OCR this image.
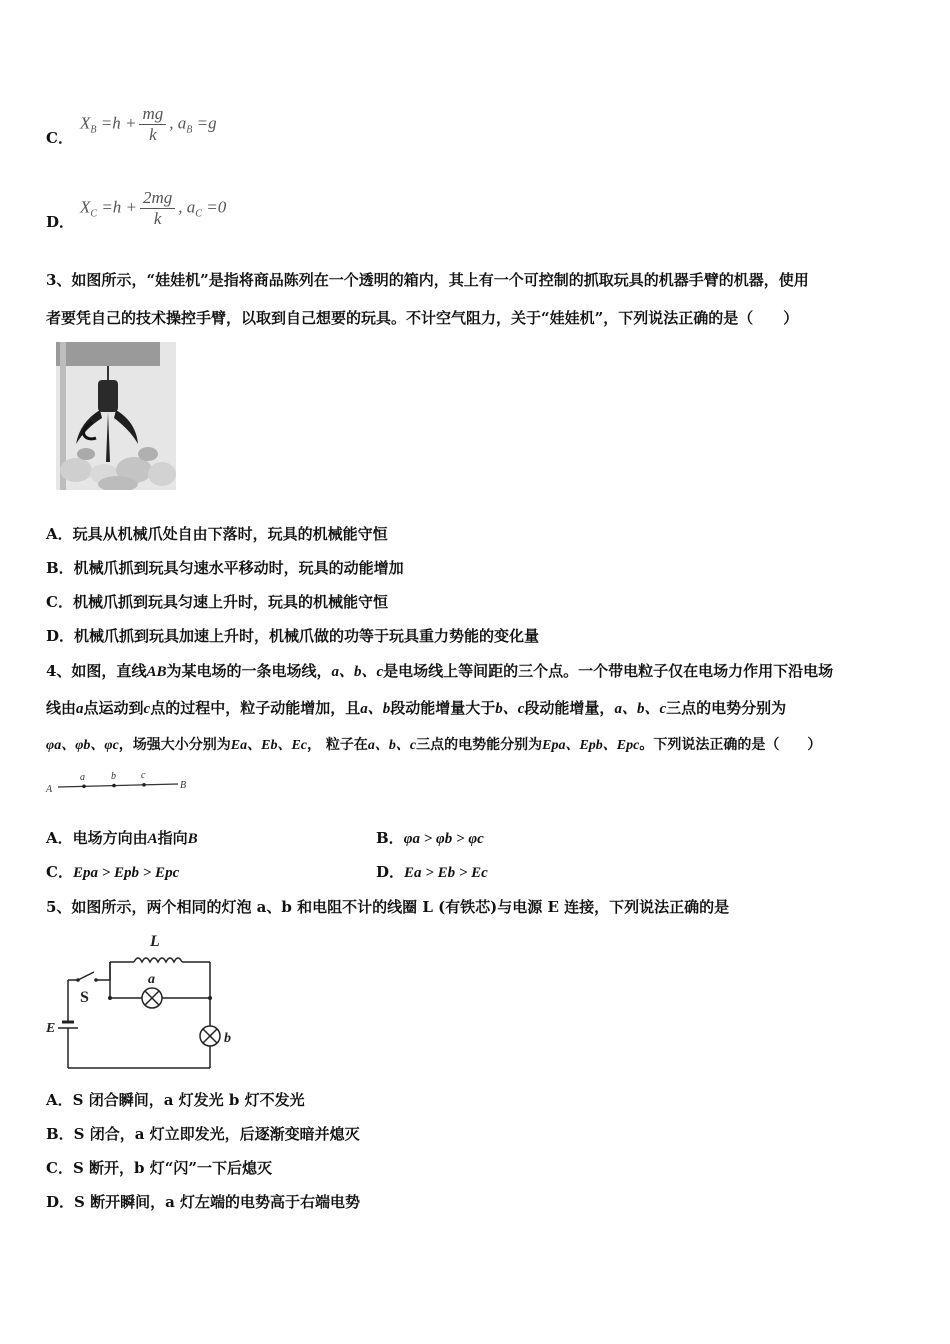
C．
$X_B =h + \frac{mg}{k}$ , $a_B =g$
D．
$X_C =h + \frac{2mg}{k}$ , $a_C =0$
3、如图所示，“娃娃机”是指将商品陈列在一个透明的箱内，其上有一个可控制的抓取玩具的机器手臂的机器，使用
者要凭自己的技术操控手臂，以取到自己想要的玩具。不计空气阻力，关于“娃娃机”，下列说法正确的是（　　）
A．玩具从机械爪处自由下落时，玩具的机械能守恒
B．机械爪抓到玩具匀速水平移动时，玩具的动能增加
C．机械爪抓到玩具匀速上升时，玩具的机械能守恒
D．机械爪抓到玩具加速上升时，机械爪做的功等于玩具重力势能的变化量
4、如图，直线AB为某电场的一条电场线，a、b、c是电场线上等间距的三个点。一个带电粒子仅在电场力作用下沿电场
线由a点运动到c点的过程中，粒子动能增加，且a、b段动能增量大于b、c段动能增量，a、b、c三点的电势分别为
φa、φb、φc，场强大小分别为Ea、Eb、Ec， 粒子在a、b、c三点的电势能分别为Epa、Epb、Epc。下列说法正确的是（　　）
A
a	b	c
B
A．电场方向由A指向B	B．φa > φb > φc
C．Epa > Epb > Epc	D．Ea > Eb > Ec
5、如图所示，两个相同的灯泡 a、b 和电阻不计的线圈 L (有铁芯)与电源 E 连接，下列说法正确的是
L
a
S
E
b
A．S 闭合瞬间，a 灯发光 b 灯不发光
B．S 闭合，a 灯立即发光，后逐渐变暗并熄灭
C．S 断开，b 灯“闪”一下后熄灭
D．S 断开瞬间，a 灯左端的电势高于右端电势
